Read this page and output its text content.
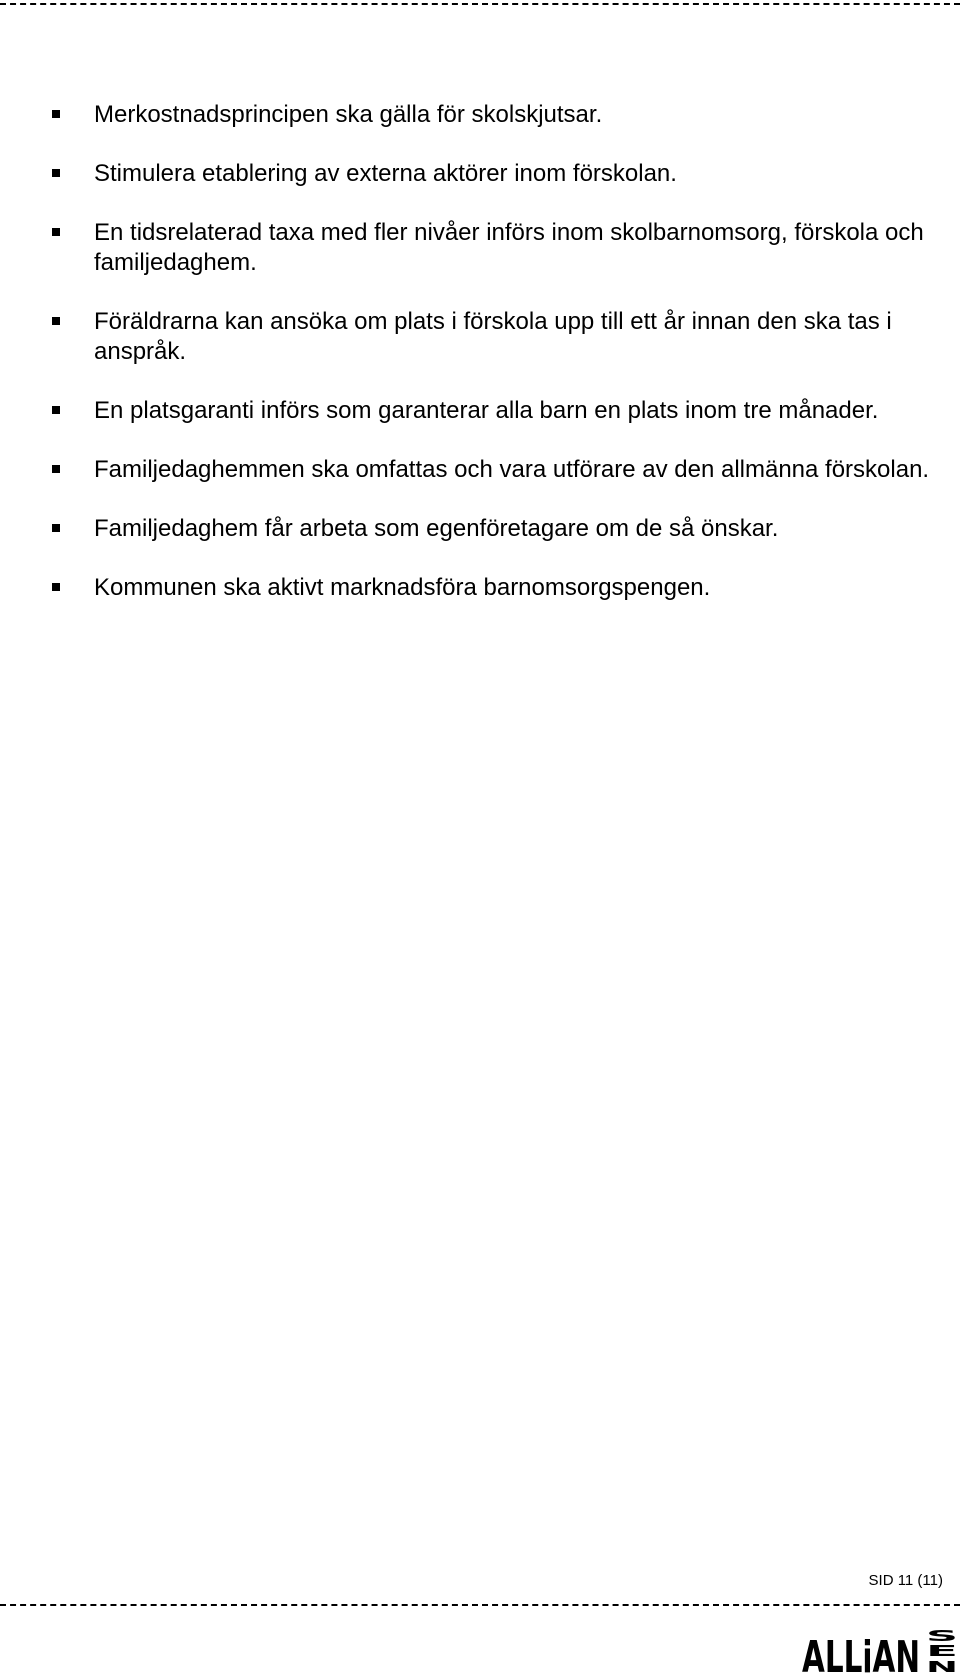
Merkostnadsprincipen ska gälla för skolskjutsar.
Stimulera etablering av externa aktörer inom förskolan.
En tidsrelaterad taxa med fler nivåer införs inom skolbarnomsorg, förskola och familjedaghem.
Föräldrarna kan ansöka om plats i förskola upp till ett år innan den ska tas i anspråk.
En platsgaranti införs som garanterar alla barn en plats inom tre månader.
Familjedaghemmen ska omfattas och vara utförare av den allmänna förskolan.
Familjedaghem får arbeta som egenföretagare om de så önskar.
Kommunen ska aktivt marknadsföra barnomsorgspengen.
SID 11 (11)
ALLiAN S
E
N
